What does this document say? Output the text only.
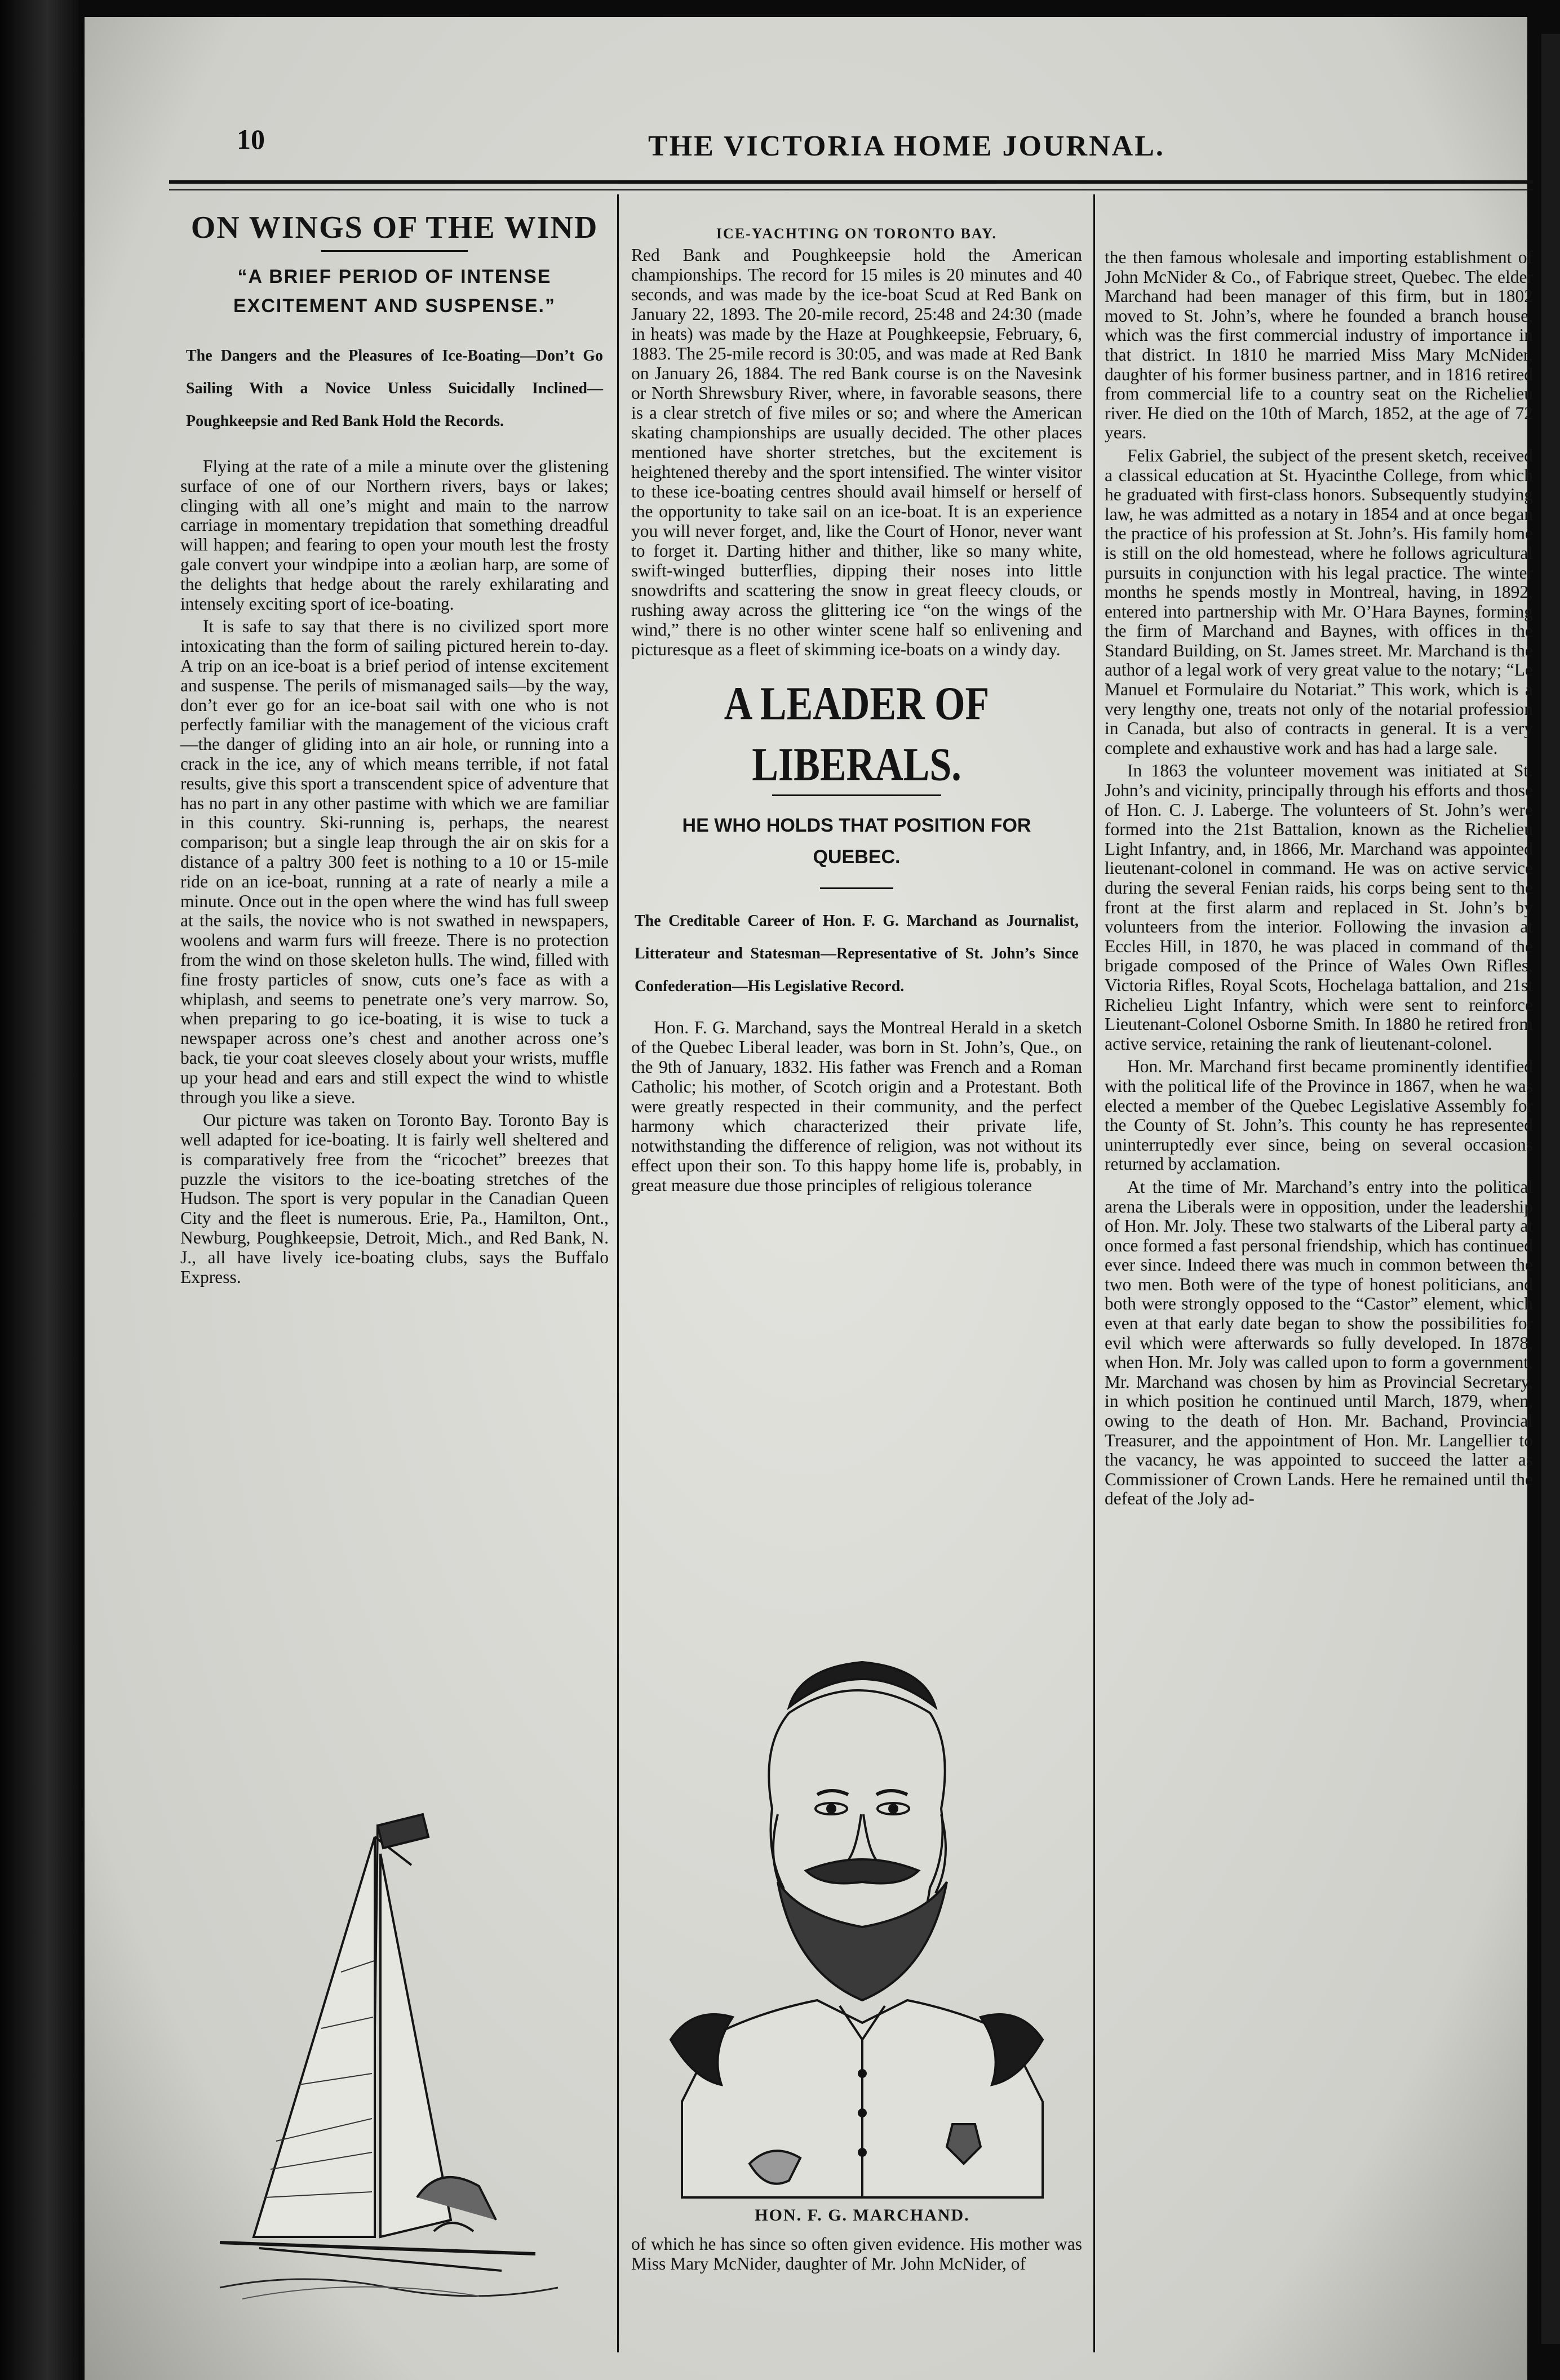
10	THE VICTORIA HOME JOURNAL.
ON WINGS OF THE WIND
“A BRIEF PERIOD OF INTENSE EXCITEMENT AND SUSPENSE.”
The Dangers and the Pleasures of Ice-Boating—Don’t Go Sailing With a Novice Unless Suicidally Inclined—Poughkeepsie and Red Bank Hold the Records.

Flying at the rate of a mile a minute over the glistening surface of one of our Northern rivers, bays or lakes; clinging with all one’s might and main to the narrow carriage in momentary trepidation that something dreadful will happen; and fearing to open your mouth lest the frosty gale convert your windpipe into a æolian harp, are some of the delights that hedge about the rarely exhilarating and intensely exciting sport of ice-boating.

It is safe to say that there is no civilized sport more intoxicating than the form of sailing pictured herein to-day. A trip on an ice-boat is a brief period of intense excitement and suspense. The perils of mismanaged sails—by the way, don’t ever go for an ice-boat sail with one who is not perfectly familiar with the management of the vicious craft—the danger of gliding into an air hole, or running into a crack in the ice, any of which means terrible, if not fatal results, give this sport a transcendent spice of adventure that has no part in any other pastime with which we are familiar in this country. Ski-running is, perhaps, the nearest comparison; but a single leap through the air on skis for a distance of a paltry 300 feet is nothing to a 10 or 15-mile ride on an ice-boat, running at a rate of nearly a mile a minute. Once out in the open where the wind has full sweep at the sails, the novice who is not swathed in newspapers, woolens and warm furs will freeze. There is no protection from the wind on those skeleton hulls. The wind, filled with fine frosty particles of snow, cuts one’s face as with a whiplash, and seems to penetrate one’s very marrow. So, when preparing to go ice-boating, it is wise to tuck a newspaper across one’s chest and another across one’s back, tie your coat sleeves closely about your wrists, muffle up your head and ears and still expect the wind to whistle through you like a sieve.

Our picture was taken on Toronto Bay. Toronto Bay is well adapted for ice-boating. It is fairly well sheltered and is comparatively free from the “ricochet” breezes that puzzle the visitors to the ice-boating stretches of the Hudson. The sport is very popular in the Canadian Queen City and the fleet is numerous. Erie, Pa., Hamilton, Ont., Newburg, Poughkeepsie, Detroit, Mich., and Red Bank, N. J., all have lively ice-boating clubs, says the Buffalo Express.

ICE-YACHTING ON TORONTO BAY.

Red Bank and Poughkeepsie hold the American championships. The record for 15 miles is 20 minutes and 40 seconds, and was made by the ice-boat Scud at Red Bank on January 22, 1893. The 20-mile record, 25:48 and 24:30 (made in heats) was made by the Haze at Poughkeepsie, February, 6, 1883. The 25-mile record is 30:05, and was made at Red Bank on January 26, 1884. The red Bank course is on the Navesink or North Shrewsbury River, where, in favorable seasons, there is a clear stretch of five miles or so; and where the American skating championships are usually decided. The other places mentioned have shorter stretches, but the excitement is heightened thereby and the sport intensified. The winter visitor to these ice-boating centres should avail himself or herself of the opportunity to take sail on an ice-boat. It is an experience you will never forget, and, like the Court of Honor, never want to forget it. Darting hither and thither, like so many white, swift-winged butterflies, dipping their noses into little snowdrifts and scattering the snow in great fleecy clouds, or rushing away across the glittering ice “on the wings of the wind,” there is no other winter scene half so enlivening and picturesque as a fleet of skimming ice-boats on a windy day.

A LEADER OF LIBERALS.
HE WHO HOLDS THAT POSITION FOR QUEBEC.
The Creditable Career of Hon. F. G. Marchand as Journalist, Litterateur and Statesman—Representative of St. John’s Since Confederation—His Legislative Record.

Hon. F. G. Marchand, says the Montreal Herald in a sketch of the Quebec Liberal leader, was born in St. John’s, Que., on the 9th of January, 1832. His father was French and a Roman Catholic; his mother, of Scotch origin and a Protestant. Both were greatly respected in their community, and the perfect harmony which characterized their private life, notwithstanding the difference of religion, was not without its effect upon their son. To this happy home life is, probably, in great measure due those principles of religious tolerance

HON. F. G. MARCHAND.

of which he has since so often given evidence. His mother was Miss Mary McNider, daughter of Mr. John McNider, of

the then famous wholesale and importing establishment of John McNider & Co., of Fabrique street, Quebec. The elder Marchand had been manager of this firm, but in 1802 moved to St. John’s, where he founded a branch house, which was the first commercial industry of importance in that district. In 1810 he married Miss Mary McNider, daughter of his former business partner, and in 1816 retired from commercial life to a country seat on the Richelieu river. He died on the 10th of March, 1852, at the age of 72 years.

Felix Gabriel, the subject of the present sketch, received a classical education at St. Hyacinthe College, from which he graduated with first-class honors. Subsequently studying law, he was admitted as a notary in 1854 and at once began the practice of his profession at St. John’s. His family home is still on the old homestead, where he follows agricultural pursuits in conjunction with his legal practice. The winter months he spends mostly in Montreal, having, in 1892, entered into partnership with Mr. O’Hara Baynes, forming the firm of Marchand and Baynes, with offices in the Standard Building, on St. James street. Mr. Marchand is the author of a legal work of very great value to the notary; “Le Manuel et Formulaire du Notariat.” This work, which is a very lengthy one, treats not only of the notarial profession in Canada, but also of contracts in general. It is a very complete and exhaustive work and has had a large sale.

In 1863 the volunteer movement was initiated at St. John’s and vicinity, principally through his efforts and those of Hon. C. J. Laberge. The volunteers of St. John’s were formed into the 21st Battalion, known as the Richelieu Light Infantry, and, in 1866, Mr. Marchand was appointed lieutenant-colonel in command. He was on active service during the several Fenian raids, his corps being sent to the front at the first alarm and replaced in St. John’s by volunteers from the interior. Following the invasion at Eccles Hill, in 1870, he was placed in command of the brigade composed of the Prince of Wales Own Rifles, Victoria Rifles, Royal Scots, Hochelaga battalion, and 21st Richelieu Light Infantry, which were sent to reinforce Lieutenant-Colonel Osborne Smith. In 1880 he retired from active service, retaining the rank of lieutenant-colonel.

Hon. Mr. Marchand first became prominently identified with the political life of the Province in 1867, when he was elected a member of the Quebec Legislative Assembly for the County of St. John’s. This county he has represented uninterruptedly ever since, being on several occasions returned by acclamation.

At the time of Mr. Marchand’s entry into the political arena the Liberals were in opposition, under the leadership of Hon. Mr. Joly. These two stalwarts of the Liberal party at once formed a fast personal friendship, which has continued ever since. Indeed there was much in common between the two men. Both were of the type of honest politicians, and both were strongly opposed to the “Castor” element, which even at that early date began to show the possibilities for evil which were afterwards so fully developed. In 1878, when Hon. Mr. Joly was called upon to form a government, Mr. Marchand was chosen by him as Provincial Secretary, in which position he continued until March, 1879, when, owing to the death of Hon. Mr. Bachand, Provincial Treasurer, and the appointment of Hon. Mr. Langellier to the vacancy, he was appointed to succeed the latter as Commissioner of Crown Lands. Here he remained until the defeat of the Joly ad-
